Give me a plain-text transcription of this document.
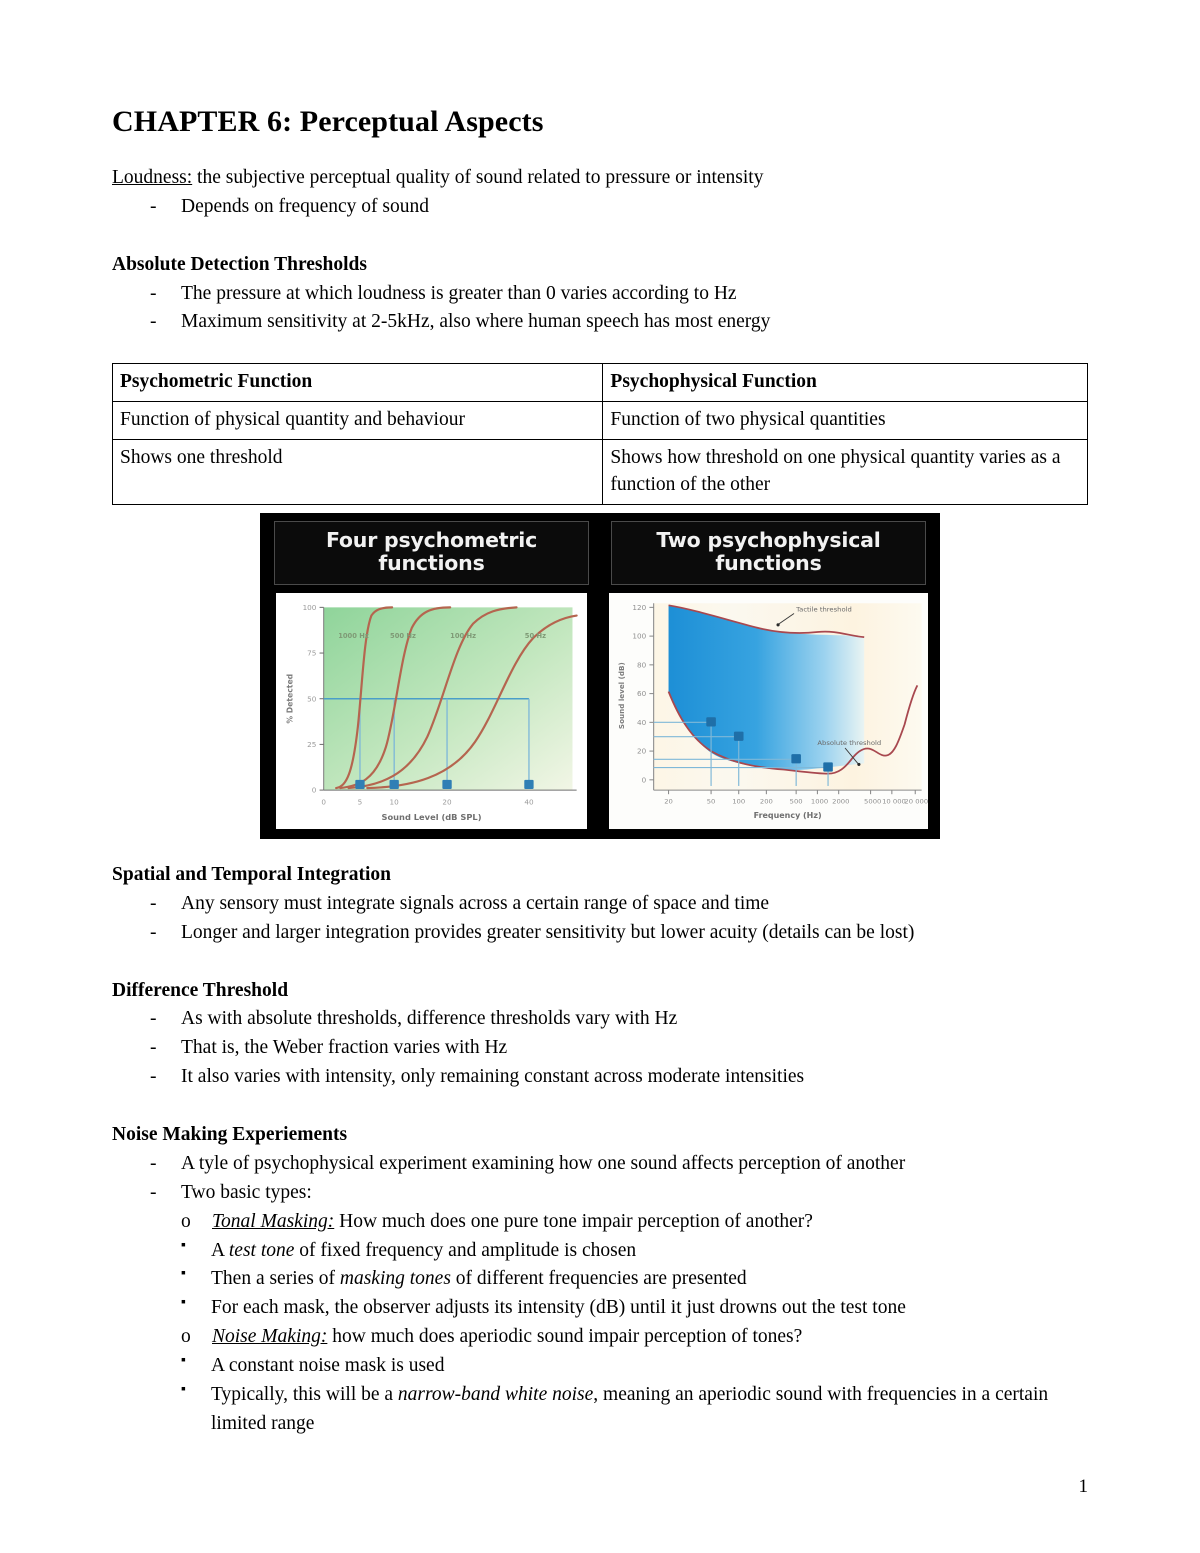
CHAPTER 6: Perceptual Aspects

Loudness: the subjective perceptual quality of sound related to pressure or intensity

- Depends on frequency of sound
Absolute Detection Thresholds
- The pressure at which loudness is greater than 0 varies according to Hz
- Maximum sensitivity at 2-5kHz, also where human speech has most energy
Psychometric Function	Psychophysical Function
Function of physical quantity and behaviour	Function of two physical quantities
Shows one threshold	Shows how threshold on one physical quantity varies as a function of the other
Four psychometric functions
100
75
50
25
0
% Detected
1000 Hz	500 Hz	100 Hz	50 Hz
0	5	10	20	40
Sound Level (dB SPL)
Two psychophysical functions
120
100
80
60
40
20
0
Sound level (dB)
Tactile threshold
Absolute threshold
20	50	100 200	500 1000 2000 5000 10 000
20 000
Frequency (Hz)
Spatial and Temporal Integration
- Any sensory must integrate signals across a certain range of space and time
- Longer and larger integration provides greater sensitivity but lower acuity (details can be lost)
Difference Threshold
- As with absolute thresholds, difference thresholds vary with Hz
- That is, the Weber fraction varies with Hz
- It also varies with intensity, only remaining constant across moderate intensities
Noise Making Experiements
- A tyle of psychophysical experiment examining how one sound affects perception of another
- Two basic types:
o Tonal Masking: How much does one pure tone impair perception of another?
▪ A test tone of fixed frequency and amplitude is chosen
▪ Then a series of masking tones of different frequencies are presented
▪ For each mask, the observer adjusts its intensity (dB) until it just drowns out the test tone
o Noise Making: how much does aperiodic sound impair perception of tones?
▪ A constant noise mask is used
▪ Typically, this will be a narrow-band white noise, meaning an aperiodic sound with frequencies in a certain limited range
1
